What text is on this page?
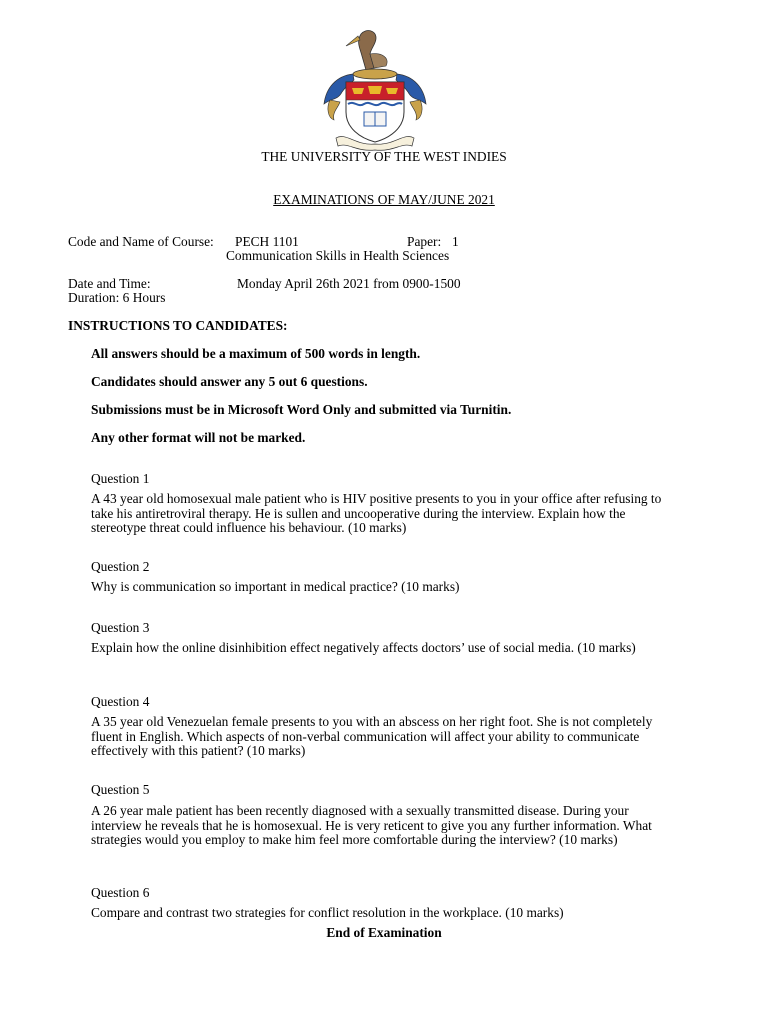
THE UNIVERSITY OF THE WEST INDIES
EXAMINATIONS OF MAY/JUNE 2021
Code and Name of Course: PECH 1101	Paper: 1
Communication Skills in Health Sciences
Date and Time:	Monday April 26th 2021 from 0900-1500
Duration: 6 Hours
INSTRUCTIONS TO CANDIDATES:
All answers should be a maximum of 500 words in length.
Candidates should answer any 5 out 6 questions.
Submissions must be in Microsoft Word Only and submitted via Turnitin.
Any other format will not be marked.
Question 1
A 43 year old homosexual male patient who is HIV positive presents to you in your office after refusing to take his antiretroviral therapy. He is sullen and uncooperative during the interview. Explain how the stereotype threat could influence his behaviour. (10 marks)
Question 2
Why is communication so important in medical practice? (10 marks)
Question 3
Explain how the online disinhibition effect negatively affects doctors’ use of social media. (10 marks)
Question 4
A 35 year old Venezuelan female presents to you with an abscess on her right foot. She is not completely fluent in English. Which aspects of non-verbal communication will affect your ability to communicate effectively with this patient? (10 marks)
Question 5
A 26 year male patient has been recently diagnosed with a sexually transmitted disease. During your interview he reveals that he is homosexual. He is very reticent to give you any further information. What strategies would you employ to make him feel more comfortable during the interview? (10 marks)
Question 6
Compare and contrast two strategies for conflict resolution in the workplace. (10 marks)
End of Examination
